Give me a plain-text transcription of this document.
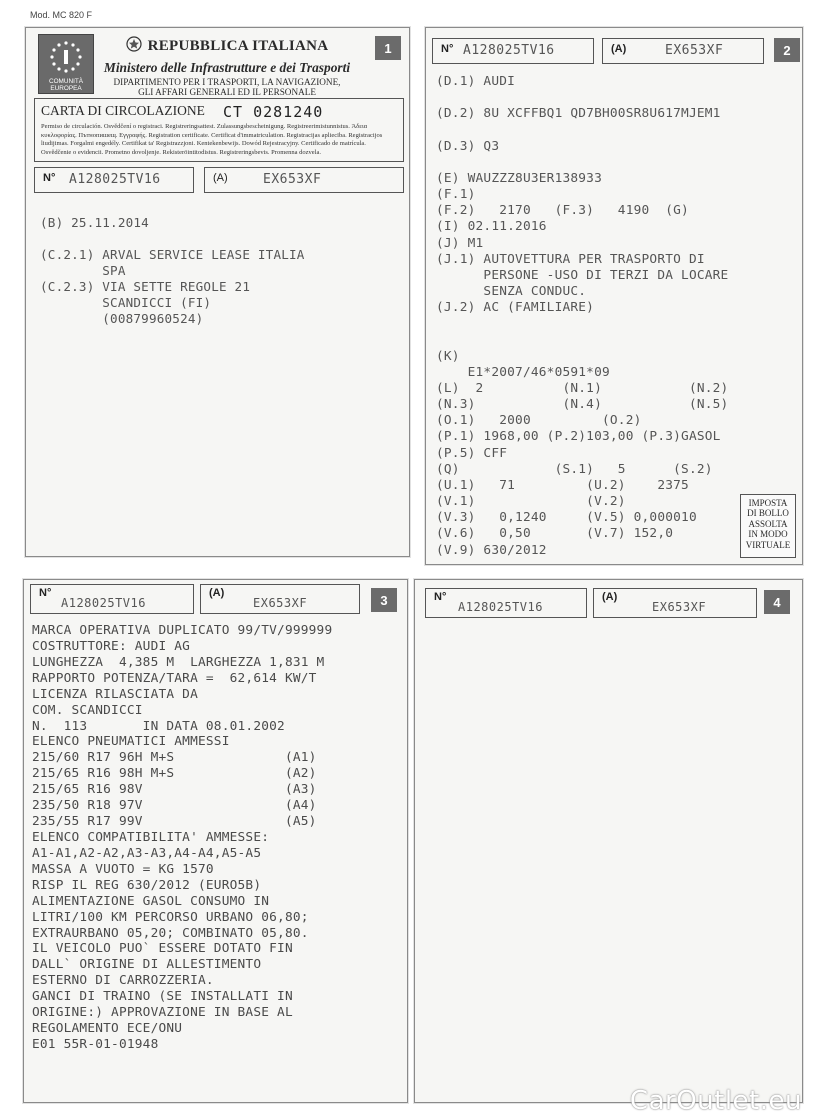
Mod. MC 820 F
1
COMUNITÀ
EUROPEA
REPUBBLICA ITALIANA
Ministero delle Infrastrutture e dei Trasporti
DIPARTIMENTO PER I TRASPORTI, LA NAVIGAZIONE,
GLI AFFARI GENERALI ED IL PERSONALE
CARTA DI CIRCOLAZIONE CT 0281240
Permiso de circulación. Osvědčení o registraci. Registreringsattest. Zulassungsbescheinigung. Registreerimistunnistus. Άδεια κυκλοφορίας. Пътнопишещ. Εγγραφής. Registration certificate. Certificat d'immatriculation. Registracijas apliecība. Registracijos liudijimas. Forgalmi engedély. Certifikat ta' Registrazzjoni. Kentekenbewijs. Dowód Rejestracyjny. Certificado de matrícula. Osvědčenie o evidencii. Prometno dovoljenje. Rekisteröintitodistus. Registreringsbevis. Promenna dozvela.
N° A128025TV16	(A)	EX653XF
(B) 25.11.2014

(C.2.1) ARVAL SERVICE LEASE ITALIA
SPA
(C.2.3) VIA SETTE REGOLE 21
SCANDICCI (FI)
(00879960524)
2
N° A128025TV16	(A)	EX653XF
(D.1) AUDI

(D.2) 8U XCFFBQ1 QD7BH00SR8U617MJEM1

(D.3) Q3

(E) WAUZZZ8U3ER138933
(F.1)
(F.2)   2170   (F.3)   4190  (G)
(I) 02.11.2016
(J) M1
(J.1) AUTOVETTURA PER TRASPORTO DI
PERSONE -USO DI TERZI DA LOCARE
SENZA CONDUC.
(J.2) AC (FAMILIARE)

(K)
E1*2007/46*0591*09
(L)  2          (N.1)           (N.2)
(N.3)           (N.4)           (N.5)
(O.1)   2000         (O.2)
(P.1) 1968,00 (P.2)103,00 (P.3)GASOL
(P.5) CFF
(Q)            (S.1)   5      (S.2)
(U.1)   71         (U.2)    2375
(V.1)              (V.2)
(V.3)   0,1240     (V.5) 0,000010
(V.6)   0,50       (V.7) 152,0
(V.9) 630/2012
IMPOSTA
DI BOLLO
ASSOLTA
IN MODO
VIRTUALE
3
N°
A128025TV16
(A)
EX653XF
MARCA OPERATIVA DUPLICATO 99/TV/999999
COSTRUTTORE: AUDI AG
LUNGHEZZA  4,385 M  LARGHEZZA 1,831 M
RAPPORTO POTENZA/TARA =  62,614 KW/T
LICENZA RILASCIATA DA
COM. SCANDICCI
N.  113       IN DATA 08.01.2002
ELENCO PNEUMATICI AMMESSI
215/60 R17 96H M+S              (A1)
215/65 R16 98H M+S              (A2)
215/65 R16 98V                  (A3)
235/50 R18 97V                  (A4)
235/55 R17 99V                  (A5)
ELENCO COMPATIBILITA' AMMESSE:
A1-A1,A2-A2,A3-A3,A4-A4,A5-A5
MASSA A VUOTO = KG 1570
RISP IL REG 630/2012 (EURO5B)
ALIMENTAZIONE GASOL CONSUMO IN
LITRI/100 KM PERCORSO URBANO 06,80;
EXTRAURBANO 05,20; COMBINATO 05,80.
IL VEICOLO PUO` ESSERE DOTATO FIN
DALL` ORIGINE DI ALLESTIMENTO
ESTERNO DI CARROZZERIA.
GANCI DI TRAINO (SE INSTALLATI IN
ORIGINE:) APPROVAZIONE IN BASE AL
REGOLAMENTO ECE/ONU
E01 55R-01-01948
4
N°
A128025TV16
(A)
EX653XF
CarOutlet.eu
